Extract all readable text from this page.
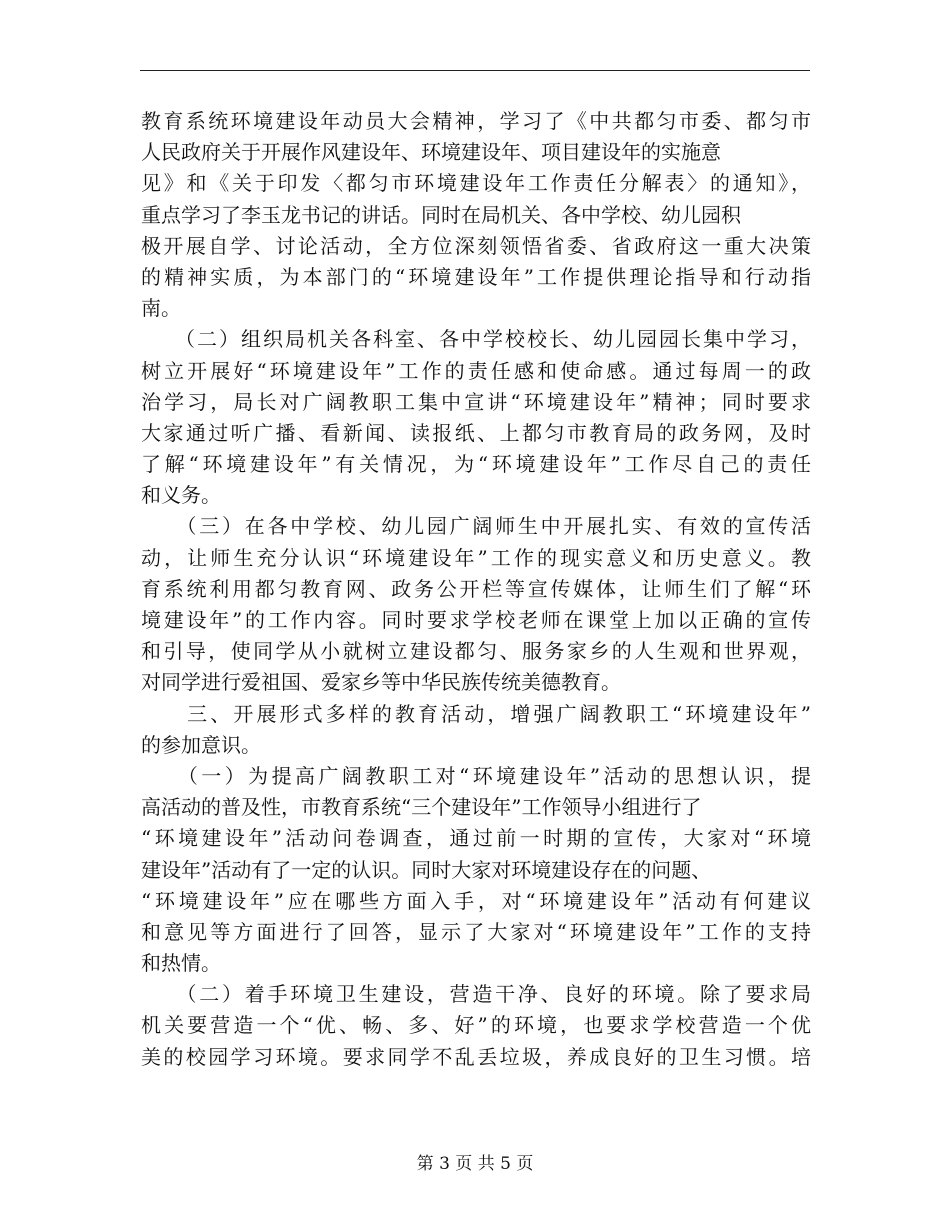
教育系统环境建设年动员大会精神，学习了《中共都匀市委、都匀市
人民政府关于开展作风建设年、环境建设年、项目建设年的实施意
见》和《关于印发〈都匀市环境建设年工作责任分解表〉的通知》，
重点学习了李玉龙书记的讲话。同时在局机关、各中学校、幼儿园积
极开展自学、讨论活动，全方位深刻领悟省委、省政府这一重大决策
的精神实质，为本部门的“环境建设年”工作提供理论指导和行动指
南。
　　（二）组织局机关各科室、各中学校校长、幼儿园园长集中学习，
树立开展好“环境建设年”工作的责任感和使命感。通过每周一的政
治学习，局长对广阔教职工集中宣讲“环境建设年”精神；同时要求
大家通过听广播、看新闻、读报纸、上都匀市教育局的政务网，及时
了解“环境建设年”有关情况，为“环境建设年”工作尽自己的责任
和义务。
　　（三）在各中学校、幼儿园广阔师生中开展扎实、有效的宣传活
动，让师生充分认识“环境建设年”工作的现实意义和历史意义。教
育系统利用都匀教育网、政务公开栏等宣传媒体，让师生们了解“环
境建设年”的工作内容。同时要求学校老师在课堂上加以正确的宣传
和引导，使同学从小就树立建设都匀、服务家乡的人生观和世界观，
对同学进行爱祖国、爱家乡等中华民族传统美德教育。
　　三、开展形式多样的教育活动，增强广阔教职工“环境建设年”
的参加意识。
　　（一）为提高广阔教职工对“环境建设年”活动的思想认识，提
高活动的普及性，市教育系统“三个建设年”工作领导小组进行了
“环境建设年”活动问卷调查，通过前一时期的宣传，大家对“环境
建设年”活动有了一定的认识。同时大家对环境建设存在的问题、
“环境建设年”应在哪些方面入手，对“环境建设年”活动有何建议
和意见等方面进行了回答，显示了大家对“环境建设年”工作的支持
和热情。
　　（二）着手环境卫生建设，营造干净、良好的环境。除了要求局
机关要营造一个“优、畅、多、好”的环境，也要求学校营造一个优
美的校园学习环境。要求同学不乱丢垃圾，养成良好的卫生习惯。培
第 3 页 共 5 页
